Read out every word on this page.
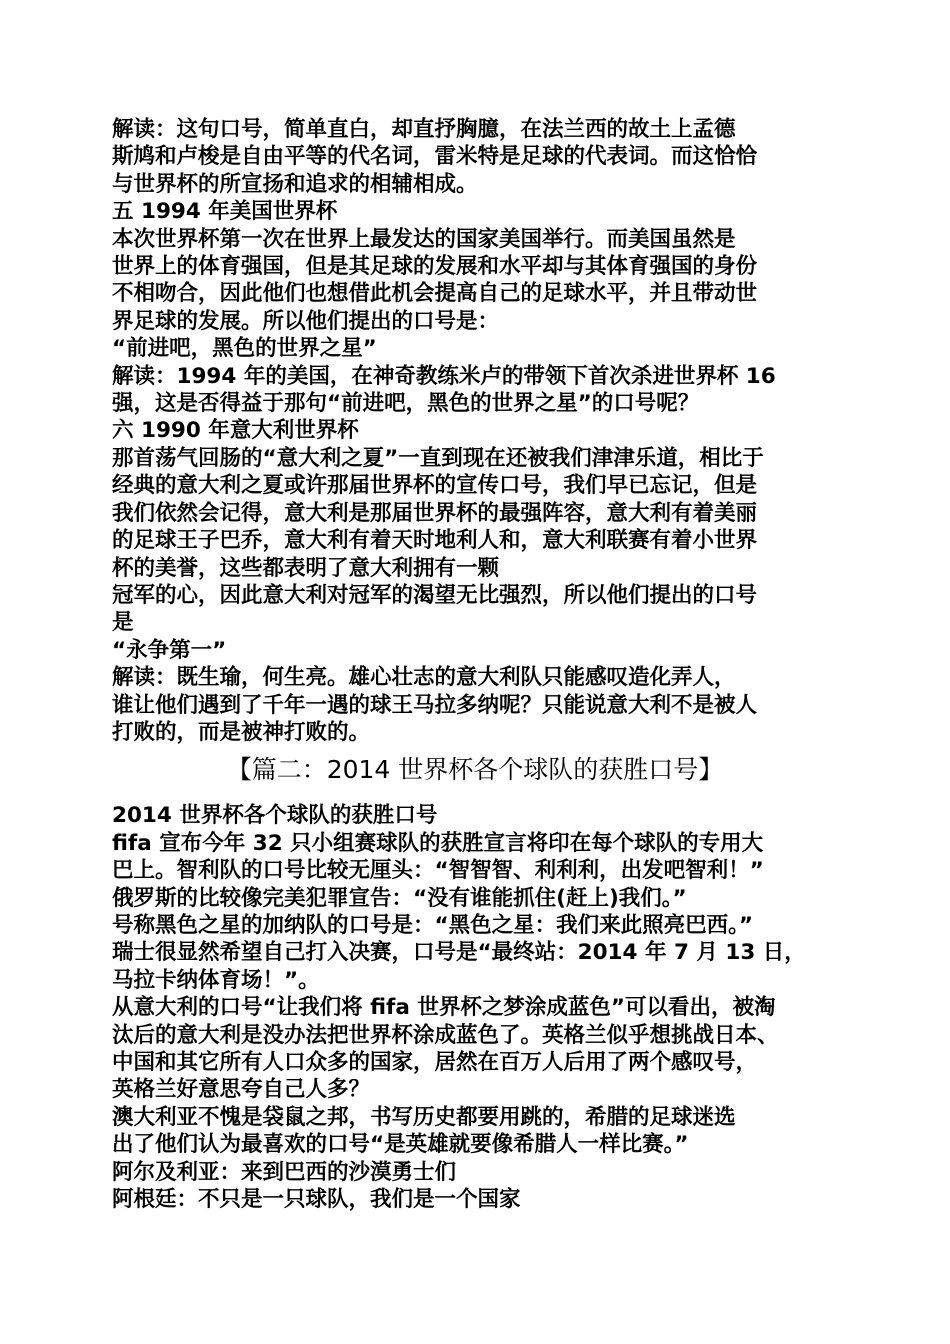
解读：这句口号，简单直白，却直抒胸臆，在法兰西的故土上孟德
斯鸠和卢梭是自由平等的代名词，雷米特是足球的代表词。而这恰恰
与世界杯的所宣扬和追求的相辅相成。
五 1994 年美国世界杯
本次世界杯第一次在世界上最发达的国家美国举行。而美国虽然是
世界上的体育强国，但是其足球的发展和水平却与其体育强国的身份
不相吻合，因此他们也想借此机会提高自己的足球水平，并且带动世
界足球的发展。所以他们提出的口号是：
“前进吧，黑色的世界之星”
解读：1994 年的美国，在神奇教练米卢的带领下首次杀进世界杯 16
强，这是否得益于那句“前进吧，黑色的世界之星”的口号呢？
六 1990 年意大利世界杯
那首荡气回肠的“意大利之夏”一直到现在还被我们津津乐道，相比于
经典的意大利之夏或许那届世界杯的宣传口号，我们早已忘记，但是
我们依然会记得，意大利是那届世界杯的最强阵容，意大利有着美丽
的足球王子巴乔，意大利有着天时地利人和，意大利联赛有着小世界
杯的美誉，这些都表明了意大利拥有一颗
冠军的心，因此意大利对冠军的渴望无比强烈，所以他们提出的口号
是
“永争第一”
解读：既生瑜，何生亮。雄心壮志的意大利队只能感叹造化弄人，
谁让他们遇到了千年一遇的球王马拉多纳呢？只能说意大利不是被人
打败的，而是被神打败的。
【篇二：2014 世界杯各个球队的获胜口号】
2014 世界杯各个球队的获胜口号
fifa 宣布今年 32 只小组赛球队的获胜宣言将印在每个球队的专用大
巴上。智利队的口号比较无厘头：“智智智、利利利，出发吧智利！”
俄罗斯的比较像完美犯罪宣告：“没有谁能抓住(赶上)我们。”
号称黑色之星的加纳队的口号是：“黑色之星：我们来此照亮巴西。”
瑞士很显然希望自己打入决赛，口号是“最终站：2014 年 7 月 13 日，
马拉卡纳体育场！”。
从意大利的口号“让我们将 fifa 世界杯之梦涂成蓝色”可以看出，被淘
汰后的意大利是没办法把世界杯涂成蓝色了。英格兰似乎想挑战日本、
中国和其它所有人口众多的国家，居然在百万人后用了两个感叹号，
英格兰好意思夸自己人多？
澳大利亚不愧是袋鼠之邦，书写历史都要用跳的，希腊的足球迷选
出了他们认为最喜欢的口号“是英雄就要像希腊人一样比赛。”
阿尔及利亚：来到巴西的沙漠勇士们
阿根廷：不只是一只球队，我们是一个国家
